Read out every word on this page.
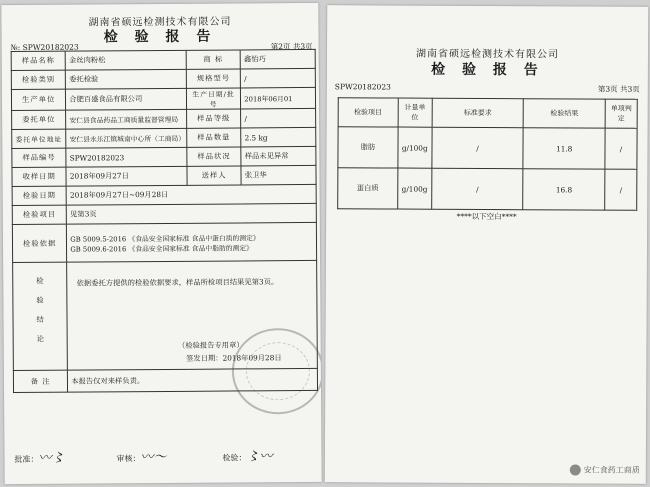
湖南省硕远检测技术有限公司
检 验 报 告
№: SPW20182023	第2页 共3页
样品名称	金丝肉粉松	商 标	鑫怡巧
检验类别	委托检验	规格型号	/
生产单位	合肥百盛食品有限公司	生产日期/批号	2018年06月01
委托单位	安仁县食品药品工商质量监督管理局	样品等级	/
委托单位地址	安仁县永乐江镇城南中心所（工商局）	样品数量	2.5 kg
样品编号	SPW20182023	样品状况	样品未见异常
收样日期	2018年09月27日	送样人	张卫华
检验日期	2018年09月27日~09月28日		
检验项目	见第3页		
检验依据	GB 5009.5-2016 《食品安全国家标准 食品中蛋白质的测定》
GB 5009.6-2016 《食品安全国家标准 食品中脂肪的测定》		

检验结论	依据委托方提供的检验依据要求，样品所检项目结果见第3页。
（检验报告专用章）
签发日期：2018年09月28日		

备 注	本报告仅对来样负责。		
批准：〰〻	审核：〰〜	检验：〻〰
湖南省硕远检测技术有限公司
检 验 报 告
SPW20182023	第3页 共3页
检验项目	计量单位	标准要求	检验结果	单项判定
脂肪	g/100g	/	11.8	/
蛋白质	g/100g	/	16.8	/
****以下空白****
安仁食药工商质
